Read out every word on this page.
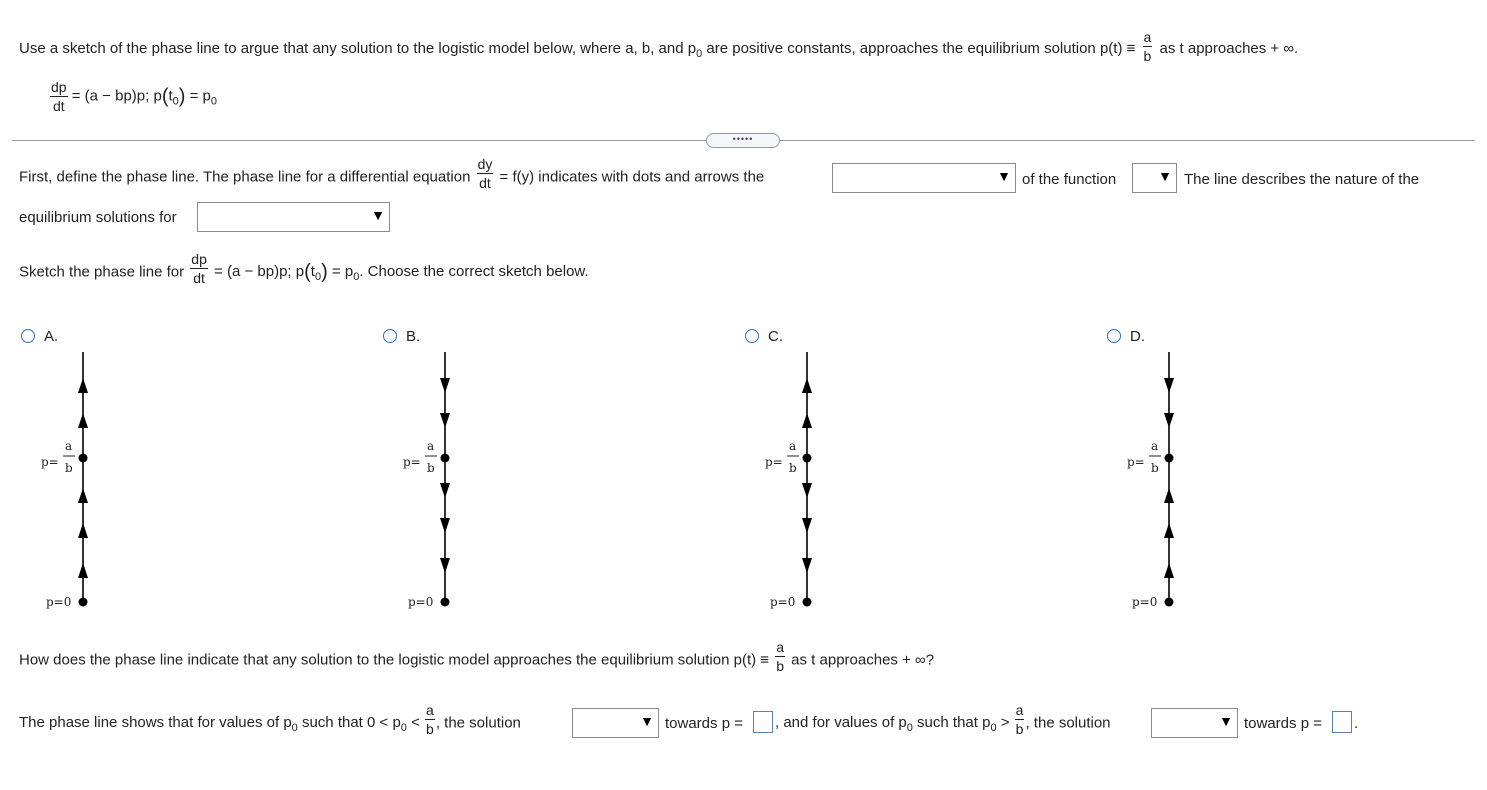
Use a sketch of the phase line to argue that any solution to the logistic model below, where a, b, and $p_0$ are positive constants, approaches the equilibrium solution $p(t) \equiv \frac{a}{b}$ as t approaches + ∞.
$\frac{dp}{dt} = (a - bp)p$; $p(t_0) = p_0$
•••••
First, define the phase line. The phase line for a differential equation $\frac{dy}{dt} = f(y)$ indicates with dots and arrows the	▼ of the function	▼ The line describes the nature of the
equilibrium solutions for	▼
Sketch the phase line for $\frac{dp}{dt} = (a - bp)p$; $p(t_0) = p_0$. Choose the correct sketch below.
A.	B.	C.	D.
p=
a
b
p=0
p=
a
b
p=0
p=
a
b
p=0
p=
a
b
p=0
How does the phase line indicate that any solution to the logistic model approaches the equilibrium solution $p(t) \equiv \frac{a}{b}$ as t approaches + ∞?
The phase line shows that for values of $p_0$ such that $0 < p_0 < \frac{a}{b}$ , the solution	▼ towards p = , and for values of $p_0$ such that $p_0 > \frac{a}{b}$ , the solution	▼ towards p = .
